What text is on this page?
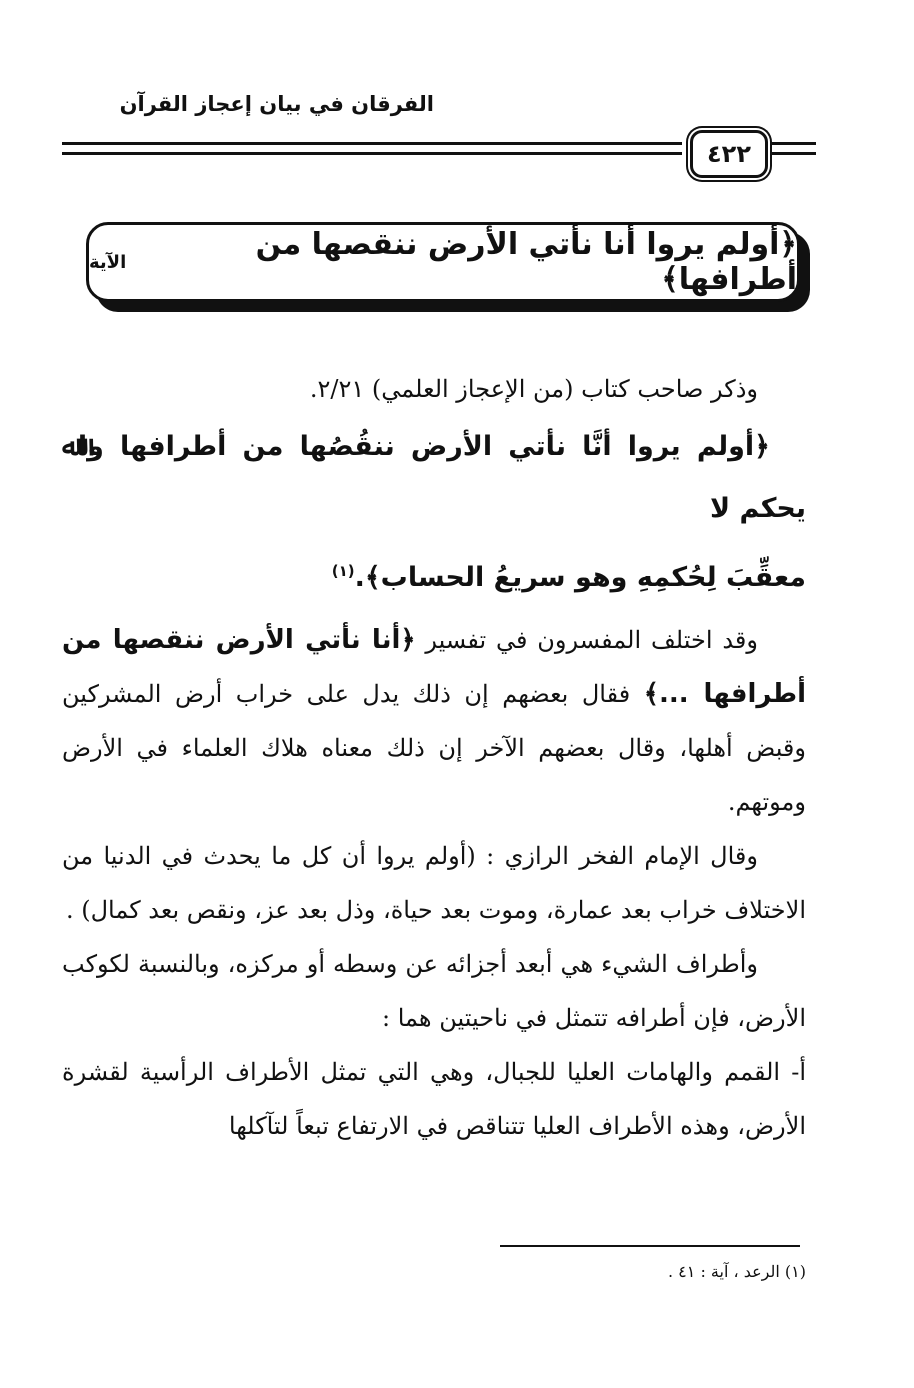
الفرقان في بيان إعجاز القرآن
٤٢٢
﴿أولم يروا أنا نأتي الأرض ننقصها من أطرافها﴾
الآية

وذكر صاحب كتاب (من الإعجاز العلمي) ٢/٢١.

﴿أولم يروا أنَّا نأتي الأرض ننقُصُها من أطرافها واﷲ يحكم لا

معقِّبَ لِحُكمِهِ وهو سريعُ الحساب﴾.$^{(١)}$

وقد اختلف المفسرون في تفسير ﴿أنا نأتي الأرض ننقصها من أطرافها ...﴾ فقال بعضهم إن ذلك يدل على خراب أرض المشركين وقبض أهلها، وقال بعضهم الآخر إن ذلك معناه هلاك العلماء في الأرض وموتهم.

وقال الإمام الفخر الرازي : (أولم يروا أن كل ما يحدث في الدنيا من الاختلاف خراب بعد عمارة، وموت بعد حياة، وذل بعد عز، ونقص بعد كمال) .

وأطراف الشيء هي أبعد أجزائه عن وسطه أو مركزه، وبالنسبة لكوكب الأرض، فإن أطرافه تتمثل في ناحيتين هما :

أ- القمم والهامات العليا للجبال، وهي التي تمثل الأطراف الرأسية لقشرة الأرض، وهذه الأطراف العليا تتناقص في الارتفاع تبعاً لتآكلها

(١) الرعد ، آية : ٤١ .
